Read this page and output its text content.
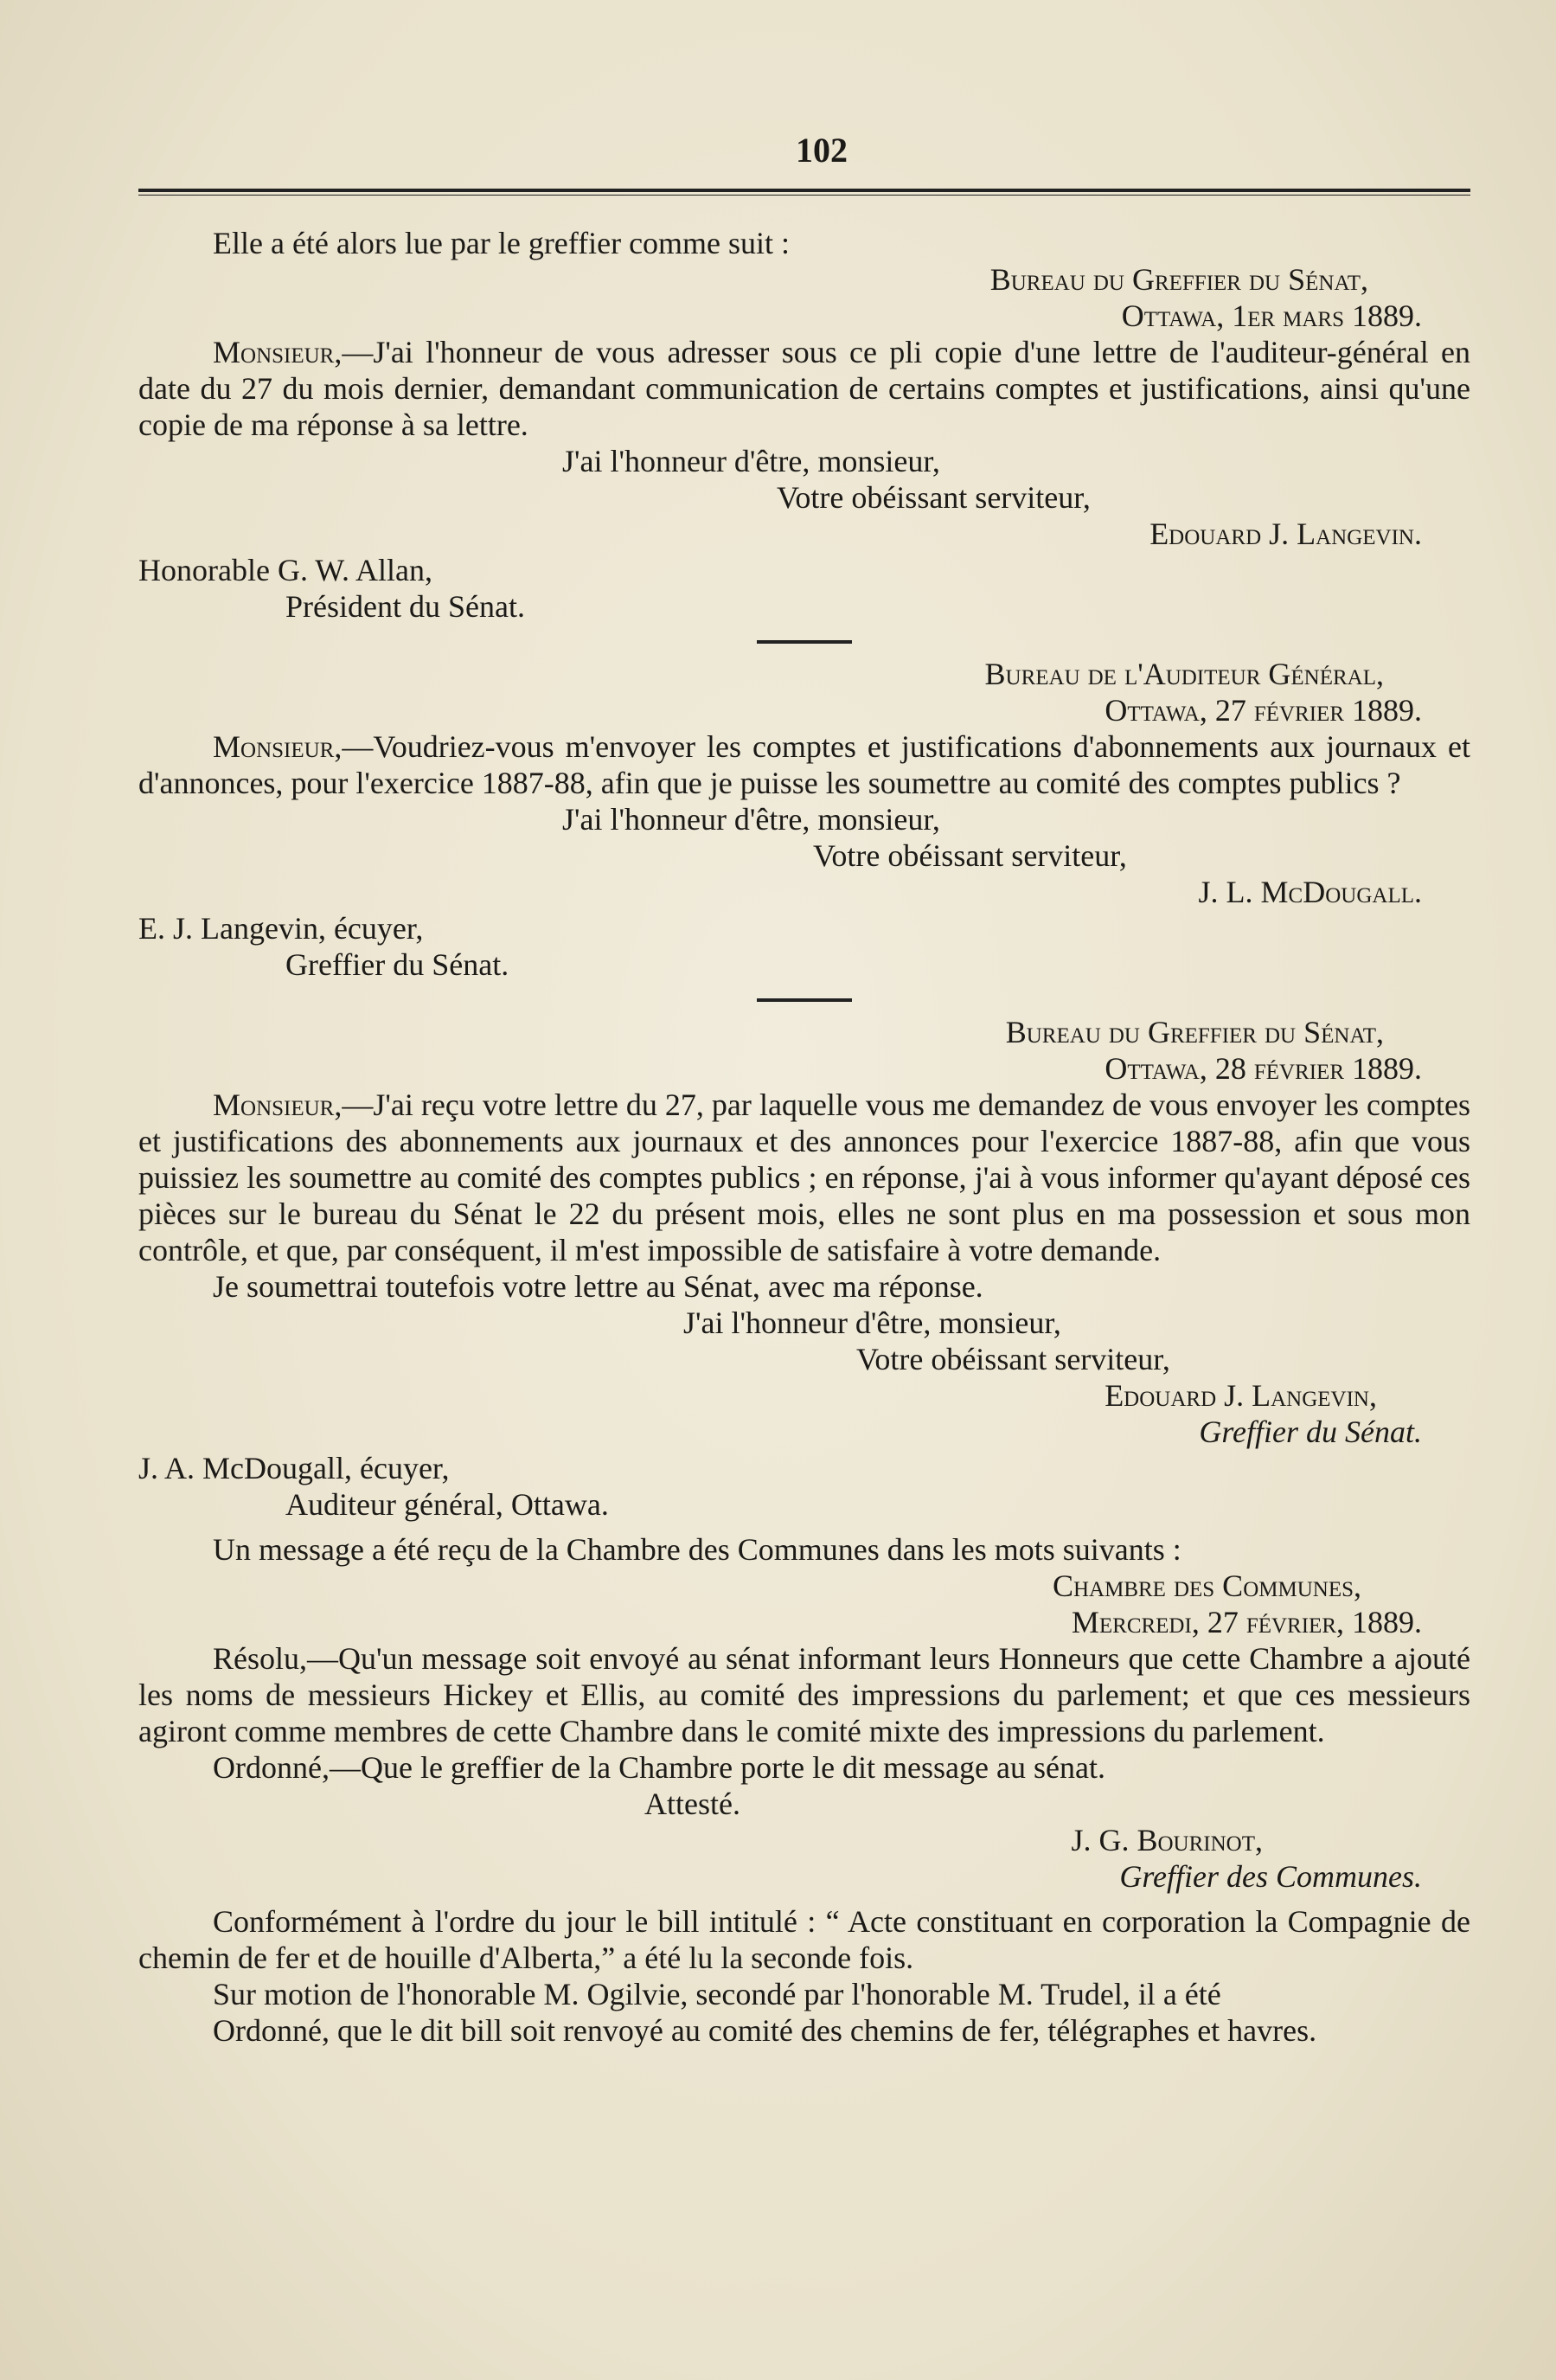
102

Elle a été alors lue par le greffier comme suit :

Bureau du Greffier du Sénat,

Ottawa, 1er mars 1889.

Monsieur,—J'ai l'honneur de vous adresser sous ce pli copie d'une lettre de l'auditeur-général en date du 27 du mois dernier, demandant communication de certains comptes et justifications, ainsi qu'une copie de ma réponse à sa lettre.

J'ai l'honneur d'être, monsieur,

Votre obéissant serviteur,

Edouard J. Langevin.

Honorable G. W. Allan,

Président du Sénat.

Bureau de l'Auditeur Général,

Ottawa, 27 février 1889.

Monsieur,—Voudriez-vous m'envoyer les comptes et justifications d'abonnements aux journaux et d'annonces, pour l'exercice 1887-88, afin que je puisse les soumettre au comité des comptes publics ?

J'ai l'honneur d'être, monsieur,

Votre obéissant serviteur,

J. L. McDougall.

E. J. Langevin, écuyer,

Greffier du Sénat.

Bureau du Greffier du Sénat,

Ottawa, 28 février 1889.

Monsieur,—J'ai reçu votre lettre du 27, par laquelle vous me demandez de vous envoyer les comptes et justifications des abonnements aux journaux et des annonces pour l'exercice 1887-88, afin que vous puissiez les soumettre au comité des comptes publics ; en réponse, j'ai à vous informer qu'ayant déposé ces pièces sur le bureau du Sénat le 22 du présent mois, elles ne sont plus en ma possession et sous mon contrôle, et que, par conséquent, il m'est impossible de satisfaire à votre demande.

Je soumettrai toutefois votre lettre au Sénat, avec ma réponse.

J'ai l'honneur d'être, monsieur,

Votre obéissant serviteur,

Edouard J. Langevin,

Greffier du Sénat.

J. A. McDougall, écuyer,

Auditeur général, Ottawa.

Un message a été reçu de la Chambre des Communes dans les mots suivants :

Chambre des Communes,

Mercredi, 27 février, 1889.

Résolu,—Qu'un message soit envoyé au sénat informant leurs Honneurs que cette Chambre a ajouté les noms de messieurs Hickey et Ellis, au comité des impressions du parlement; et que ces messieurs agiront comme membres de cette Chambre dans le comité mixte des impressions du parlement.

Ordonné,—Que le greffier de la Chambre porte le dit message au sénat.

Attesté.

J. G. Bourinot,

Greffier des Communes.

Conformément à l'ordre du jour le bill intitulé : “ Acte constituant en corporation la Compagnie de chemin de fer et de houille d'Alberta,” a été lu la seconde fois.

Sur motion de l'honorable M. Ogilvie, secondé par l'honorable M. Trudel, il a été

Ordonné, que le dit bill soit renvoyé au comité des chemins de fer, télégraphes et havres.
